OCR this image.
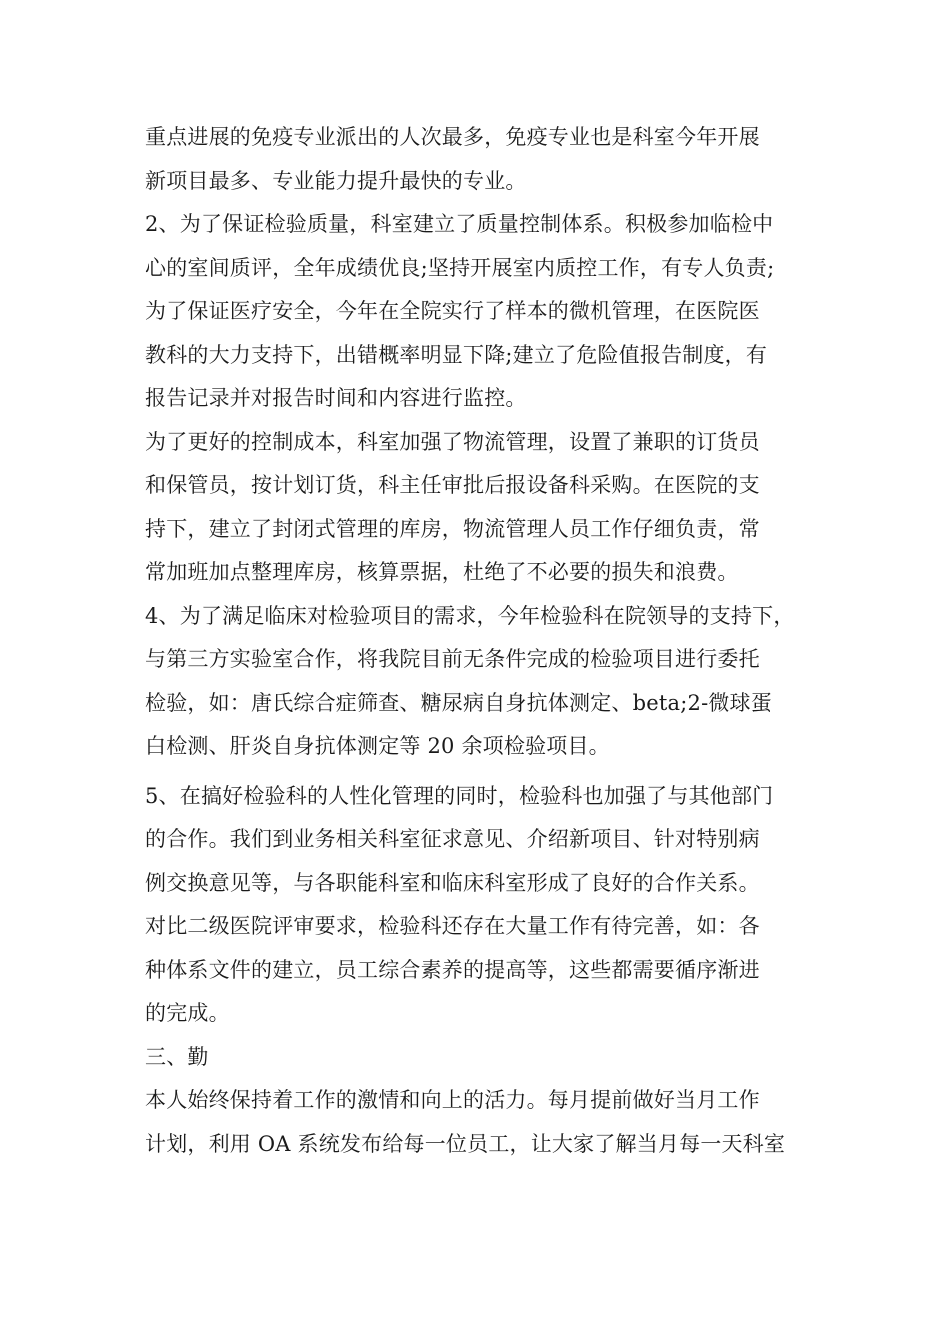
重点进展的免疫专业派出的人次最多，免疫专业也是科室今年开展
新项目最多、专业能力提升最快的专业。
2、为了保证检验质量，科室建立了质量控制体系。积极参加临检中
心的室间质评，全年成绩优良;坚持开展室内质控工作，有专人负责;
为了保证医疗安全，今年在全院实行了样本的微机管理，在医院医
教科的大力支持下，出错概率明显下降;建立了危险值报告制度，有
报告记录并对报告时间和内容进行监控。
为了更好的控制成本，科室加强了物流管理，设置了兼职的订货员
和保管员，按计划订货，科主任审批后报设备科采购。在医院的支
持下，建立了封闭式管理的库房，物流管理人员工作仔细负责，常
常加班加点整理库房，核算票据，杜绝了不必要的损失和浪费。
4、为了满足临床对检验项目的需求，今年检验科在院领导的支持下，
与第三方实验室合作，将我院目前无条件完成的检验项目进行委托
检验，如：唐氏综合症筛查、糖尿病自身抗体测定、beta;2-微球蛋
白检测、肝炎自身抗体测定等 20 余项检验项目。
5、在搞好检验科的人性化管理的同时，检验科也加强了与其他部门
的合作。我们到业务相关科室征求意见、介绍新项目、针对特别病
例交换意见等，与各职能科室和临床科室形成了良好的合作关系。
对比二级医院评审要求，检验科还存在大量工作有待完善，如：各
种体系文件的建立，员工综合素养的提高等，这些都需要循序渐进
的完成。
三、勤
本人始终保持着工作的激情和向上的活力。每月提前做好当月工作
计划，利用 OA 系统发布给每一位员工，让大家了解当月每一天科室
